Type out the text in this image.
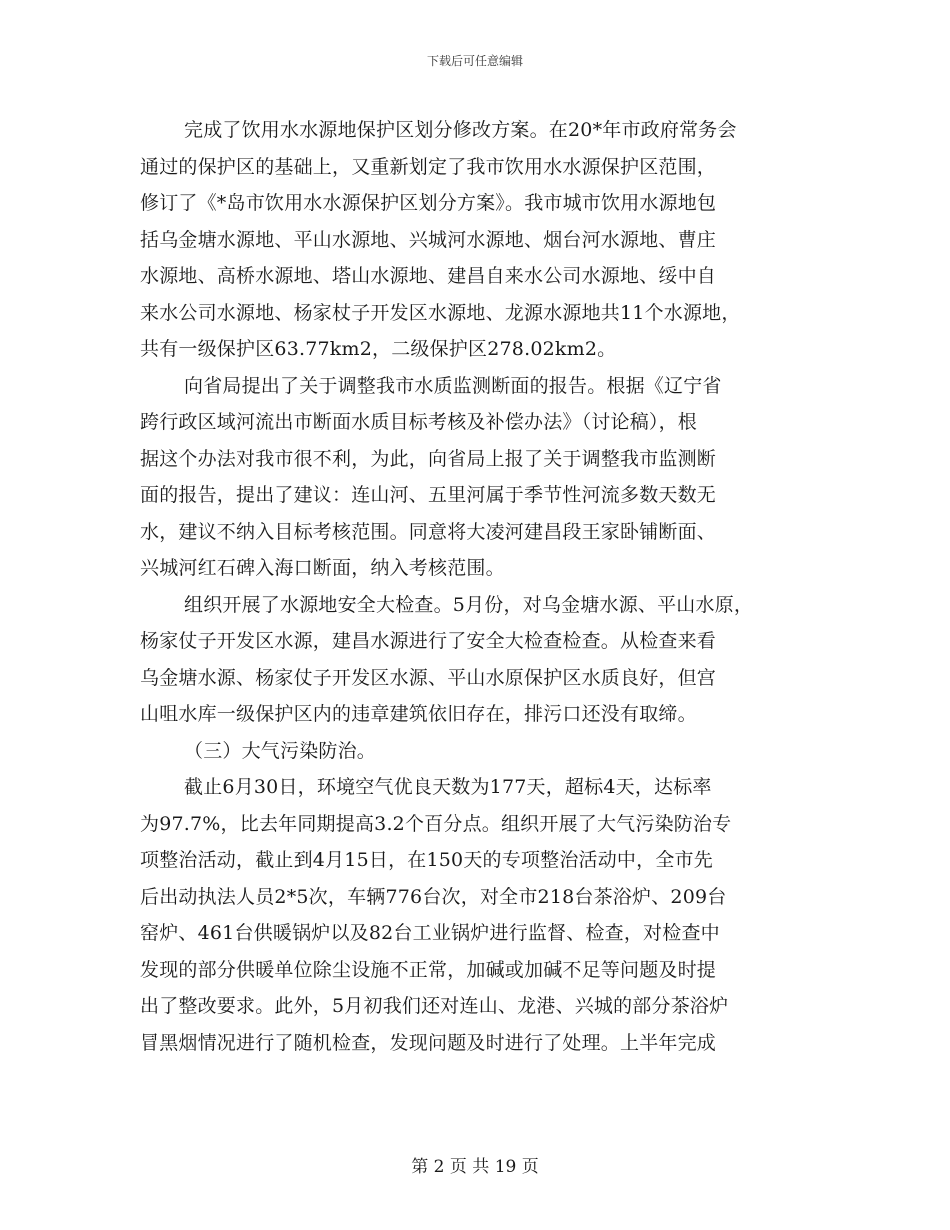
下载后可任意编辑
完成了饮用水水源地保护区划分修改方案。在20*年市政府常务会
通过的保护区的基础上，又重新划定了我市饮用水水源保护区范围，
修订了《*岛市饮用水水源保护区划分方案》。我市城市饮用水源地包
括乌金塘水源地、平山水源地、兴城河水源地、烟台河水源地、曹庄
水源地、高桥水源地、塔山水源地、建昌自来水公司水源地、绥中自
来水公司水源地、杨家杖子开发区水源地、龙源水源地共11个水源地，
共有一级保护区63.77km2，二级保护区278.02km2。
向省局提出了关于调整我市水质监测断面的报告。根据《辽宁省
跨行政区域河流出市断面水质目标考核及补偿办法》（讨论稿），根
据这个办法对我市很不利，为此，向省局上报了关于调整我市监测断
面的报告，提出了建议：连山河、五里河属于季节性河流多数天数无
水，建议不纳入目标考核范围。同意将大凌河建昌段王家卧铺断面、
兴城河红石碑入海口断面，纳入考核范围。
组织开展了水源地安全大检查。5月份，对乌金塘水源、平山水原，
杨家仗子开发区水源，建昌水源进行了安全大检查检查。从检查来看
乌金塘水源、杨家仗子开发区水源、平山水原保护区水质良好，但宫
山咀水库一级保护区内的违章建筑依旧存在，排污口还没有取缔。
（三）大气污染防治。
截止6月30日，环境空气优良天数为177天，超标4天，达标率
为97.7%，比去年同期提高3.2个百分点。组织开展了大气污染防治专
项整治活动，截止到4月15日，在150天的专项整治活动中，全市先
后出动执法人员2*5次，车辆776台次，对全市218台茶浴炉、209台
窑炉、461台供暖锅炉以及82台工业锅炉进行监督、检查，对检查中
发现的部分供暖单位除尘设施不正常，加碱或加碱不足等问题及时提
出了整改要求。此外，5月初我们还对连山、龙港、兴城的部分茶浴炉
冒黑烟情况进行了随机检查，发现问题及时进行了处理。上半年完成
第 2 页 共 19 页
